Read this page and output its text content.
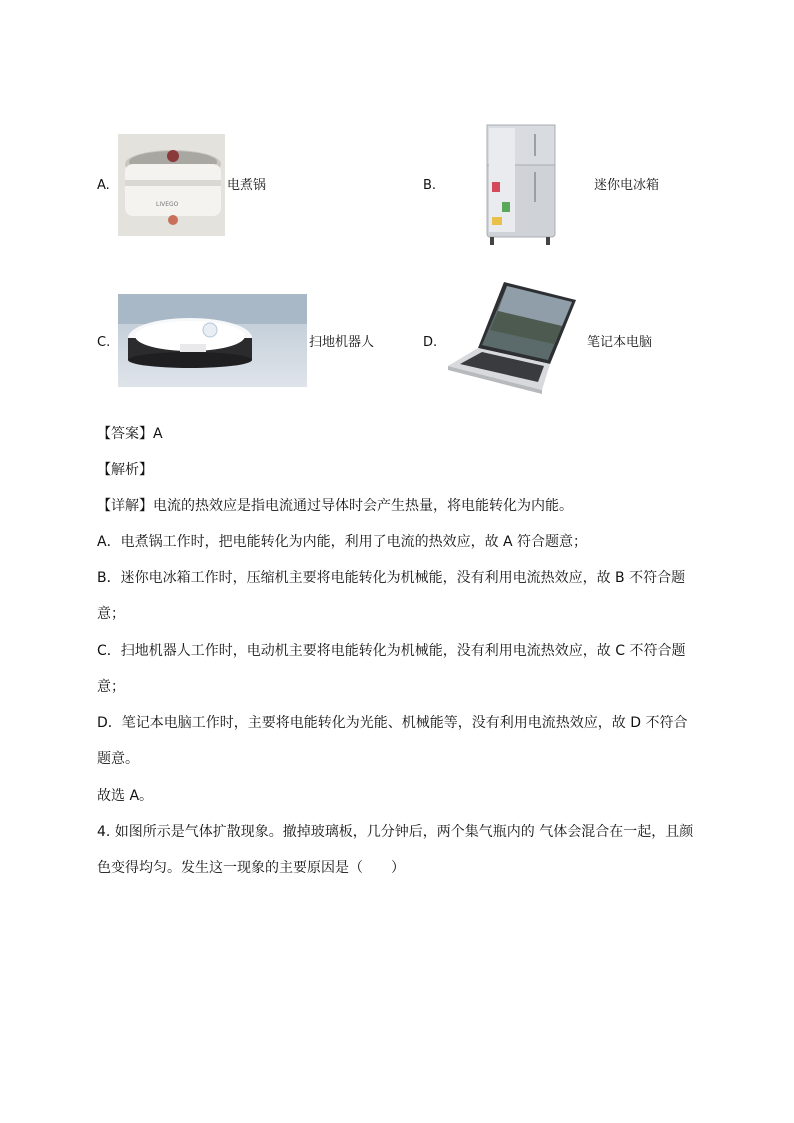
A.
LIVEGO
电煮锅	B.	迷你电冰箱
C.	扫地机器人	D.	笔记本电脑
【答案】A
【解析】
【详解】电流的热效应是指电流通过导体时会产生热量，将电能转化为内能。
A．电煮锅工作时，把电能转化为内能，利用了电流的热效应，故 A 符合题意；
B．迷你电冰箱工作时，压缩机主要将电能转化为机械能，没有利用电流热效应，故 B 不符合题
意；
C．扫地机器人工作时，电动机主要将电能转化为机械能，没有利用电流热效应，故 C 不符合题
意；
D．笔记本电脑工作时，主要将电能转化为光能、机械能等，没有利用电流热效应，故 D 不符合
题意。
故选 A。
4. 如图所示是气体扩散现象。撤掉玻璃板，几分钟后，两个集气瓶内的 气体会混合在一起，且颜
色变得均匀。发生这一现象的主要原因是（　　）
